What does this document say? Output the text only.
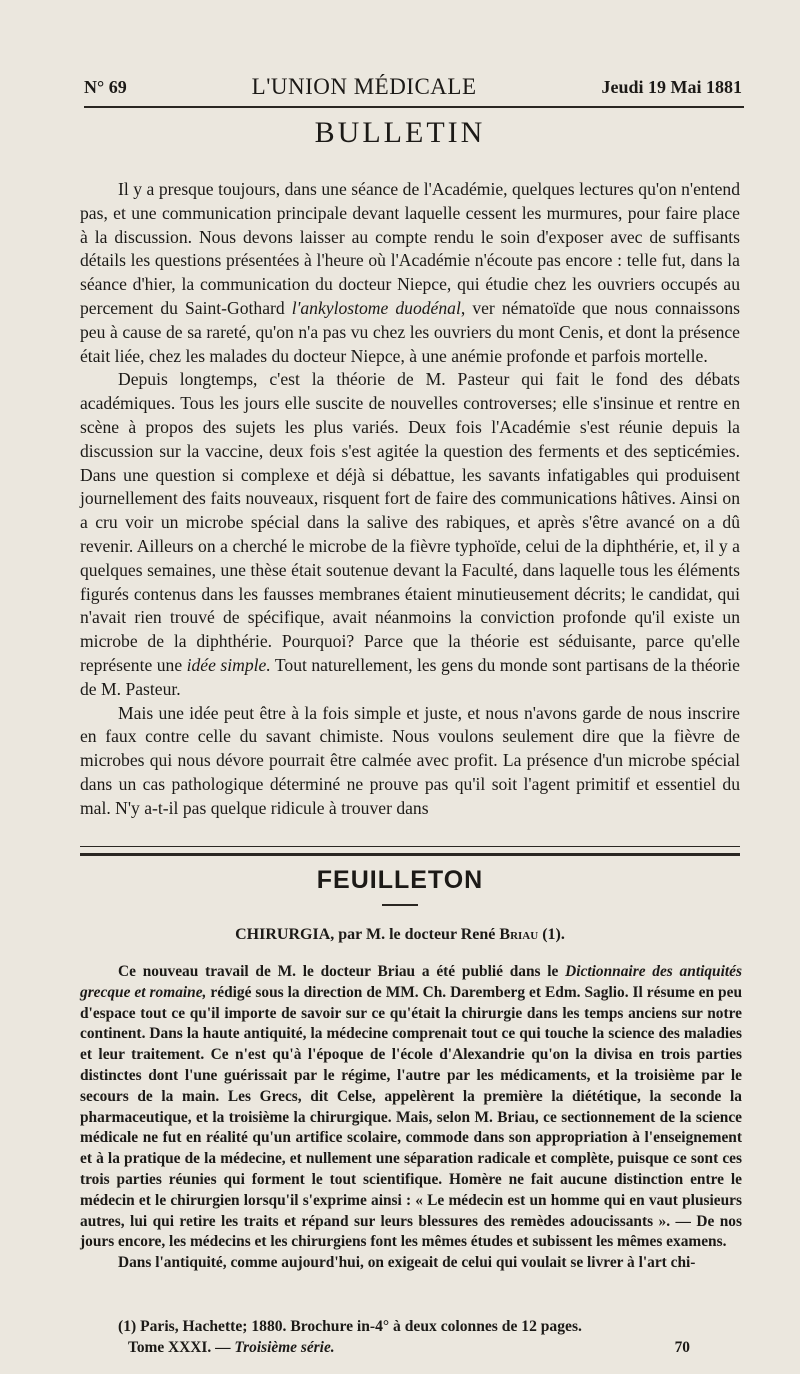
N° 69	L'UNION MÉDICALE	Jeudi 19 Mai 1881
BULLETIN

Il y a presque toujours, dans une séance de l'Académie, quelques lectures qu'on n'entend pas, et une communication principale devant laquelle cessent les murmures, pour faire place à la discussion. Nous devons laisser au compte rendu le soin d'exposer avec de suffisants détails les questions présentées à l'heure où l'Académie n'écoute pas encore : telle fut, dans la séance d'hier, la communication du docteur Niepce, qui étudie chez les ouvriers occupés au percement du Saint-Gothard l'ankylostome duodénal, ver nématoïde que nous connaissons peu à cause de sa rareté, qu'on n'a pas vu chez les ouvriers du mont Cenis, et dont la présence était liée, chez les malades du docteur Niepce, à une anémie profonde et parfois mortelle.

Depuis longtemps, c'est la théorie de M. Pasteur qui fait le fond des débats académiques. Tous les jours elle suscite de nouvelles controverses; elle s'insinue et rentre en scène à propos des sujets les plus variés. Deux fois l'Académie s'est réunie depuis la discussion sur la vaccine, deux fois s'est agitée la question des ferments et des septicémies. Dans une question si complexe et déjà si débattue, les savants infatigables qui produisent journellement des faits nouveaux, risquent fort de faire des communications hâtives. Ainsi on a cru voir un microbe spécial dans la salive des rabiques, et après s'être avancé on a dû revenir. Ailleurs on a cherché le microbe de la fièvre typhoïde, celui de la diphthérie, et, il y a quelques semaines, une thèse était soutenue devant la Faculté, dans laquelle tous les éléments figurés contenus dans les fausses membranes étaient minutieusement décrits; le candidat, qui n'avait rien trouvé de spécifique, avait néanmoins la conviction profonde qu'il existe un microbe de la diphthérie. Pourquoi? Parce que la théorie est séduisante, parce qu'elle représente une idée simple. Tout naturellement, les gens du monde sont partisans de la théorie de M. Pasteur.

Mais une idée peut être à la fois simple et juste, et nous n'avons garde de nous inscrire en faux contre celle du savant chimiste. Nous voulons seulement dire que la fièvre de microbes qui nous dévore pourrait être calmée avec profit. La présence d'un microbe spécial dans un cas pathologique déterminé ne prouve pas qu'il soit l'agent primitif et essentiel du mal. N'y a-t-il pas quelque ridicule à trouver dans

FEUILLETON
CHIRURGIA, par M. le docteur René Briau (1).

Ce nouveau travail de M. le docteur Briau a été publié dans le Dictionnaire des antiquités grecque et romaine, rédigé sous la direction de MM. Ch. Daremberg et Edm. Saglio. Il résume en peu d'espace tout ce qu'il importe de savoir sur ce qu'était la chirurgie dans les temps anciens sur notre continent. Dans la haute antiquité, la médecine comprenait tout ce qui touche la science des maladies et leur traitement. Ce n'est qu'à l'époque de l'école d'Alexandrie qu'on la divisa en trois parties distinctes dont l'une guérissait par le régime, l'autre par les médicaments, et la troisième par le secours de la main. Les Grecs, dit Celse, appelèrent la première la diététique, la seconde la pharmaceutique, et la troisième la chirurgique. Mais, selon M. Briau, ce sectionnement de la science médicale ne fut en réalité qu'un artifice scolaire, commode dans son appropriation à l'enseignement et à la pratique de la médecine, et nullement une séparation radicale et complète, puisque ce sont ces trois parties réunies qui forment le tout scientifique. Homère ne fait aucune distinction entre le médecin et le chirurgien lorsqu'il s'exprime ainsi : « Le médecin est un homme qui en vaut plusieurs autres, lui qui retire les traits et répand sur leurs blessures des remèdes adoucissants ». — De nos jours encore, les médecins et les chirurgiens font les mêmes études et subissent les mêmes examens.

Dans l'antiquité, comme aujourd'hui, on exigeait de celui qui voulait se livrer à l'art chi-

(1) Paris, Hachette; 1880. Brochure in-4° à deux colonnes de 12 pages.
Tome XXXI. — Troisième série.	70
